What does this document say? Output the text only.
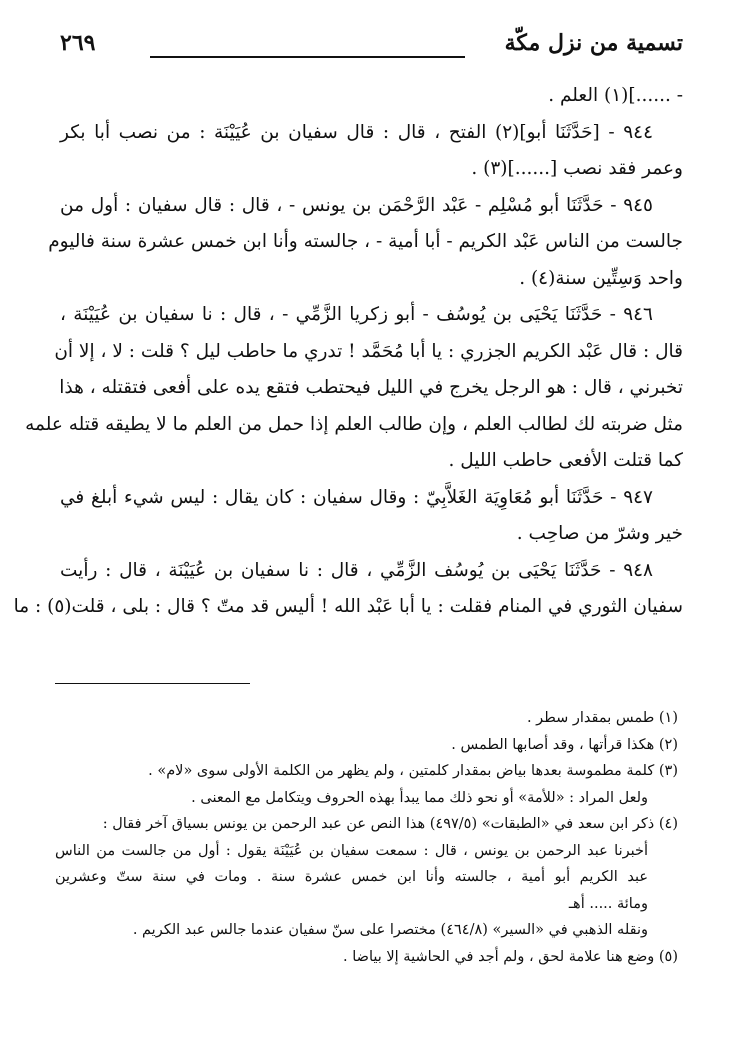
تسمية من نزل مكّة
٢٦٩
- ......](١) العلم .
٩٤٤ - [حَدَّثَنَا أبو](٢) الفتح ، قال : قال سفيان بن عُيَيْنَة : من نصب أبا بكر
وعمر فقد نصب [......](٣) .
٩٤٥ - حَدَّثَنَا أبو مُسْلِم - عَبْد الرَّحْمَن بن يونس - ، قال : قال سفيان : أول من
جالست من الناس عَبْد الكريم - أبا أمية - ، جالسته وأنا ابن خمس عشرة سنة فاليوم
واحد وَسِتِّين سنة(٤) .
٩٤٦ - حَدَّثَنَا يَحْيَى بن يُوسُف - أبو زكريا الزَّمِّي - ، قال : نا سفيان بن عُيَيْنَة ،
قال : قال عَبْد الكريم الجزري : يا أبا مُحَمَّد ! تدري ما حاطب ليل ؟ قلت : لا ، إلا أن
تخبرني ، قال : هو الرجل يخرج في الليل فيحتطب فتقع يده على أفعى فتقتله ، هذا
مثل ضربته لك لطالب العلم ، وإن طالب العلم إذا حمل من العلم ما لا يطيقه قتله علمه
كما قتلت الأفعى حاطب الليل .
٩٤٧ - حَدَّثَنَا أبو مُعَاوِيَة الغَلاَّبِيّ : وقال سفيان : كان يقال : ليس شيء أبلغ في
خير وشرّ من صاحِب .
٩٤٨ - حَدَّثَنَا يَحْيَى بن يُوسُف الزَّمِّي ، قال : نا سفيان بن عُيَيْنَة ، قال : رأيت
سفيان الثوري في المنام فقلت : يا أبا عَبْد الله ! أليس قد متّ ؟ قال : بلى ، قلت(٥) : ما
(١) طمس بمقدار سطر .
(٢) هكذا قرأتها ، وقد أصابها الطمس .
(٣) كلمة مطموسة بعدها بياض بمقدار كلمتين ، ولم يظهر من الكلمة الأولى سوى «لام» .
ولعل المراد : «للأمة» أو نحو ذلك مما يبدأ بهذه الحروف ويتكامل مع المعنى .
(٤) ذكر ابن سعد في «الطبقات» (٤٩٧/٥) هذا النص عن عبد الرحمن بن يونس بسياق آخر فقال :
أخبرنا عبد الرحمن بن يونس ، قال : سمعت سفيان بن عُيَيْنَة يقول : أول من جالست من الناس
عبد الكريم أبو أمية ، جالسته وأنا ابن خمس عشرة سنة . ومات في سنة ستّ وعشرين
ومائة ..... أهـ
ونقله الذهبي في «السير» (٤٦٤/٨) مختصرا على سنّ سفيان عندما جالس عبد الكريم .
(٥) وضع هنا علامة لحق ، ولم أجد في الحاشية إلا بياضا .
